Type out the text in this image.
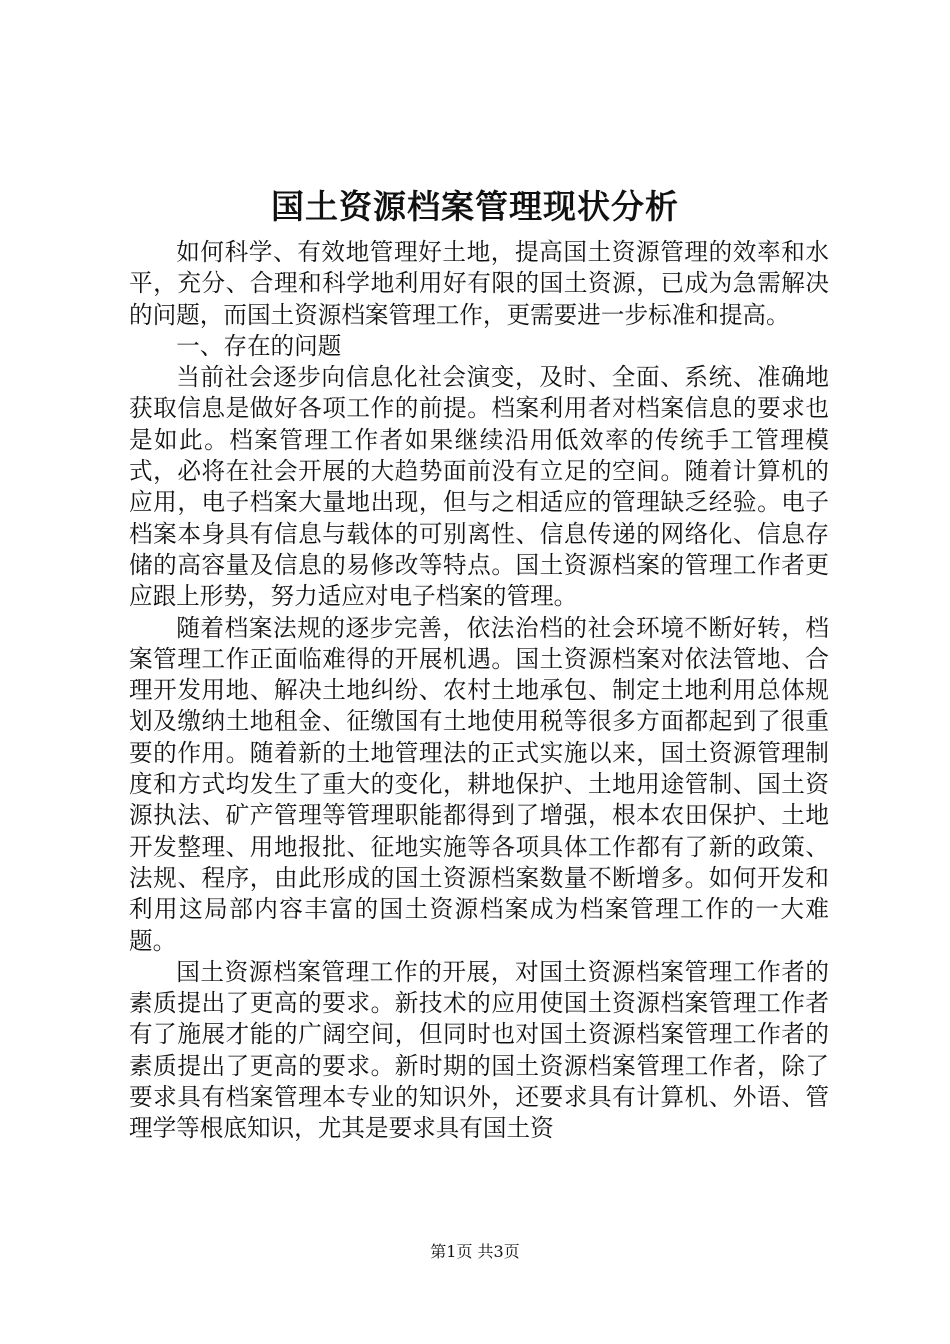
国土资源档案管理现状分析

如何科学、有效地管理好土地，提高国土资源管理的效率和水平，充分、合理和科学地利用好有限的国土资源，已成为急需解决的问题，而国土资源档案管理工作，更需要进一步标准和提高。

一、存在的问题

当前社会逐步向信息化社会演变，及时、全面、系统、准确地获取信息是做好各项工作的前提。档案利用者对档案信息的要求也是如此。档案管理工作者如果继续沿用低效率的传统手工管理模式，必将在社会开展的大趋势面前没有立足的空间。随着计算机的应用，电子档案大量地出现，但与之相适应的管理缺乏经验。电子档案本身具有信息与载体的可别离性、信息传递的网络化、信息存储的高容量及信息的易修改等特点。国土资源档案的管理工作者更应跟上形势，努力适应对电子档案的管理。

随着档案法规的逐步完善，依法治档的社会环境不断好转，档案管理工作正面临难得的开展机遇。国土资源档案对依法管地、合理开发用地、解决土地纠纷、农村土地承包、制定土地利用总体规划及缴纳土地租金、征缴国有土地使用税等很多方面都起到了很重要的作用。随着新的土地管理法的正式实施以来，国土资源管理制度和方式均发生了重大的变化，耕地保护、土地用途管制、国土资源执法、矿产管理等管理职能都得到了增强，根本农田保护、土地开发整理、用地报批、征地实施等各项具体工作都有了新的政策、法规、程序，由此形成的国土资源档案数量不断增多。如何开发和利用这局部内容丰富的国土资源档案成为档案管理工作的一大难题。

国土资源档案管理工作的开展，对国土资源档案管理工作者的素质提出了更高的要求。新技术的应用使国土资源档案管理工作者有了施展才能的广阔空间，但同时也对国土资源档案管理工作者的素质提出了更高的要求。新时期的国土资源档案管理工作者，除了要求具有档案管理本专业的知识外，还要求具有计算机、外语、管理学等根底知识，尤其是要求具有国土资

第1页 共3页
